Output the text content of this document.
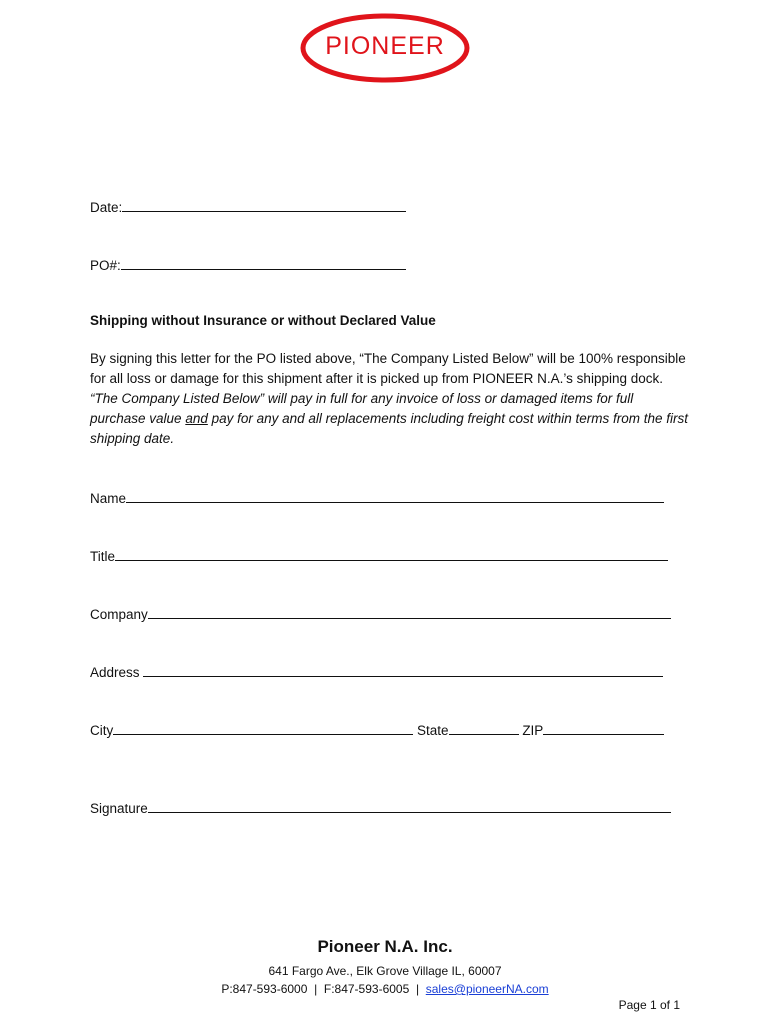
PIONEER
Date:
PO#:
Shipping without Insurance or without Declared Value
By signing this letter for the PO listed above, “The Company Listed Below” will be 100% responsible for all loss or damage for this shipment after it is picked up from PIONEER N.A.’s shipping dock. “The Company Listed Below” will pay in full for any invoice of loss or damaged items for full purchase value and pay for any and all replacements including freight cost within terms from the first shipping date.
Name
Title
Company
Address
City	State	ZIP
Signature
Pioneer N.A. Inc.
641 Fargo Ave., Elk Grove Village IL, 60007
P:847-593-6000 | F:847-593-6005 | sales@pioneerNA.com
Page 1 of 1
